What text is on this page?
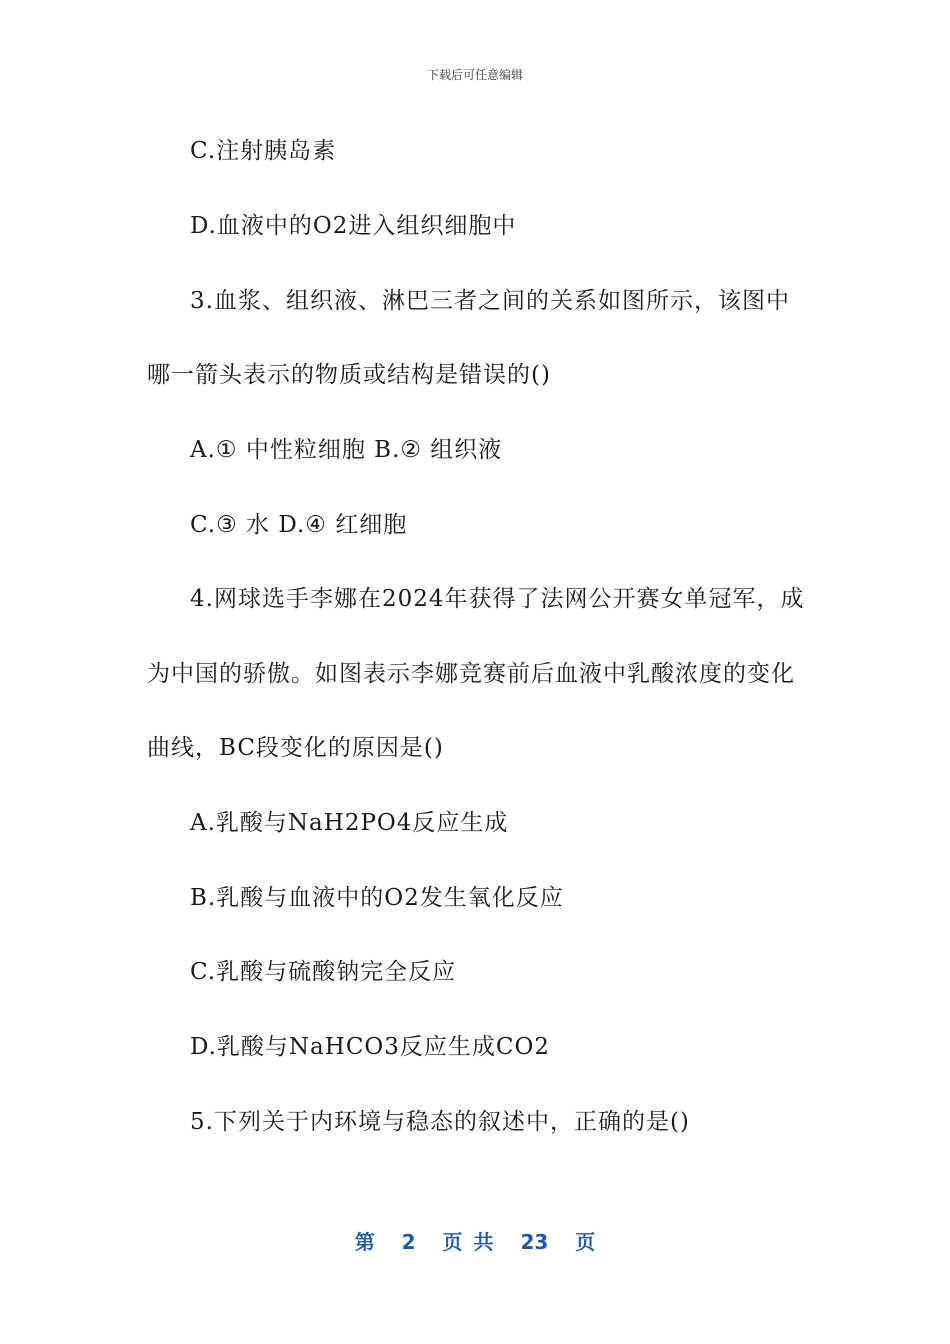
下载后可任意编辑
C.注射胰岛素
D.血液中的O2进入组织细胞中
3.血浆、组织液、淋巴三者之间的关系如图所示，该图中
哪一箭头表示的物质或结构是错误的()
A.① 中性粒细胞 B.② 组织液
C.③ 水 D.④ 红细胞
4.网球选手李娜在2024年获得了法网公开赛女单冠军，成
为中国的骄傲。如图表示李娜竞赛前后血液中乳酸浓度的变化
曲线，BC段变化的原因是()
A.乳酸与NaH2PO4反应生成
B.乳酸与血液中的O2发生氧化反应
C.乳酸与硫酸钠完全反应
D.乳酸与NaHCO3反应生成CO2
5.下列关于内环境与稳态的叙述中，正确的是()
第 2 页 共 23 页
